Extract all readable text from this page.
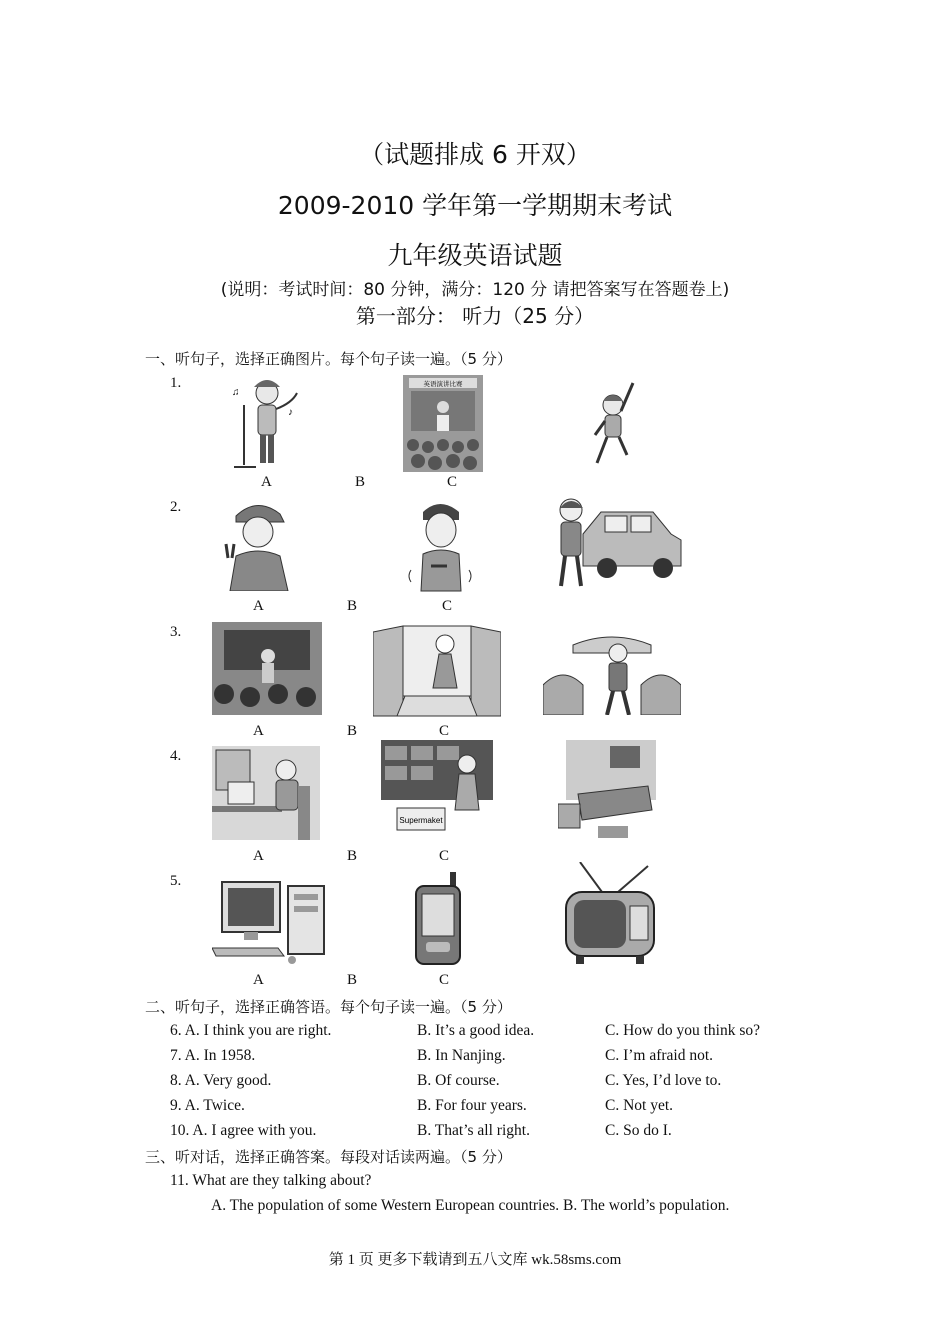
（试题排成 6 开双）
2009-2010 学年第一学期期末考试
九年级英语试题
(说明：考试时间：80 分钟，满分：120 分 请把答案写在答题卷上)
第一部分： 听力（25 分）
一、听句子，选择正确图片。每个句子读一遍。（5 分）
1.
♪
♫
英语演讲比赛
A	B	C
2.
A	B	C
3.
A	B	C
4.
Supermaket
A	B	C
5.
A	B	C
二、听句子，选择正确答语。每个句子读一遍。（5 分）
6. A. I think you are right.	B. It’s a good idea.	C. How do you think so?
7. A. In 1958.	B. In Nanjing.	C. I’m afraid not.
8. A. Very good.	B. Of course.	C. Yes, I’d love to.
9. A. Twice.	B. For four years.	C. Not yet.
10. A. I agree with you.	B. That’s all right.	C. So do I.
三、听对话，选择正确答案。每段对话读两遍。（5 分）
11. What are they talking about?
A. The population of some Western European countries. B. The world’s population.
第 1 页 更多下载请到五八文库 wk.58sms.com
